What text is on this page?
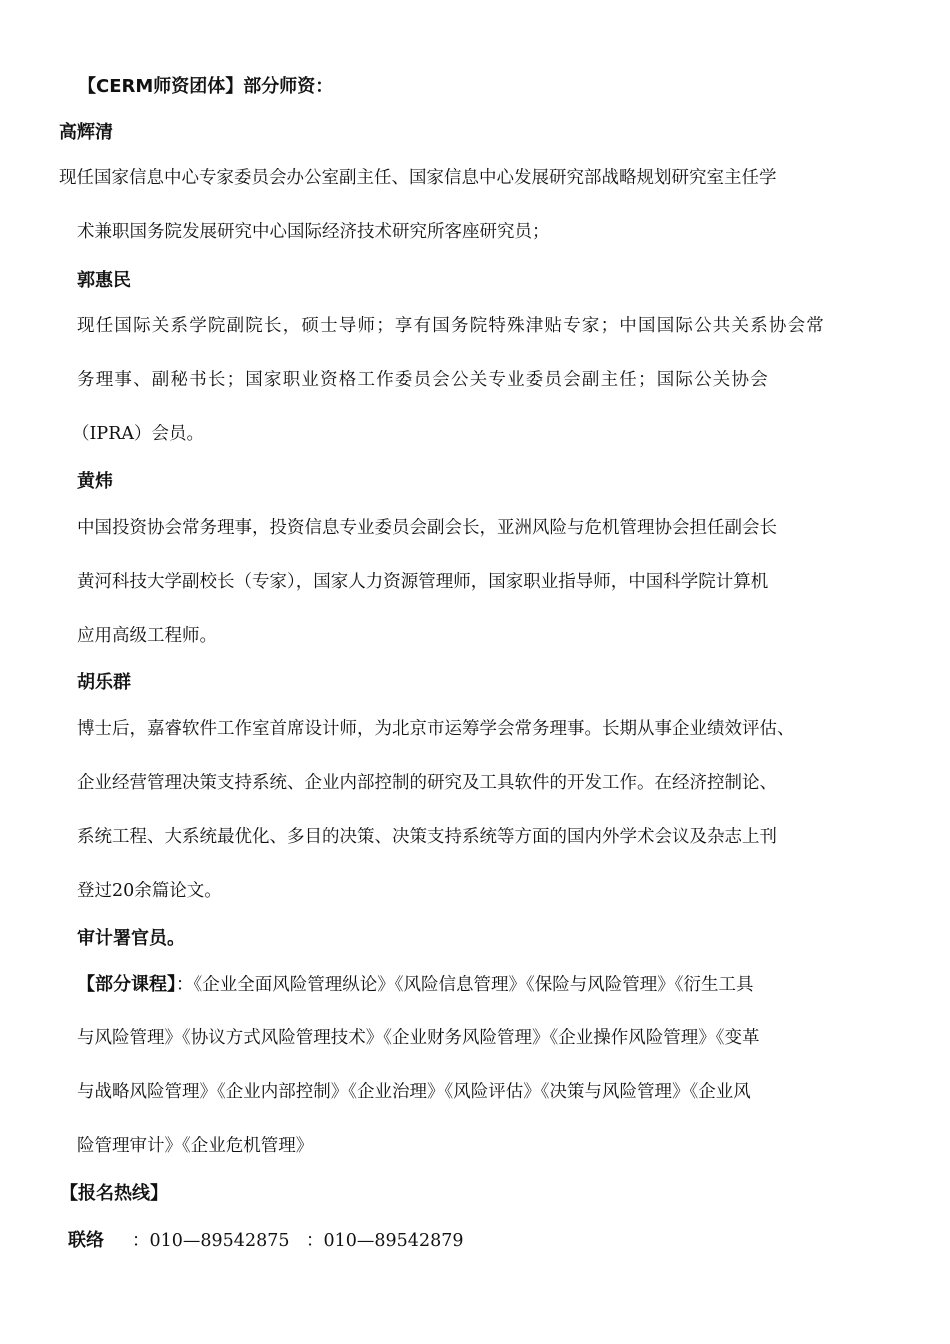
【CERM师资团体】部分师资：
高辉清
现任国家信息中心专家委员会办公室副主任、国家信息中心发展研究部战略规划研究室主任学
术兼职国务院发展研究中心国际经济技术研究所客座研究员；
郭惠民
现任国际关系学院副院长，硕士导师；享有国务院特殊津贴专家；中国国际公共关系协会常
务理事、副秘书长；国家职业资格工作委员会公关专业委员会副主任；国际公关协会
（IPRA）会员。
黄炜
中国投资协会常务理事，投资信息专业委员会副会长，亚洲风险与危机管理协会担任副会长
黄河科技大学副校长（专家），国家人力资源管理师，国家职业指导师，中国科学院计算机
应用高级工程师。
胡乐群
博士后，嘉睿软件工作室首席设计师，为北京市运筹学会常务理事。长期从事企业绩效评估、
企业经营管理决策支持系统、企业内部控制的研究及工具软件的开发工作。在经济控制论、
系统工程、大系统最优化、多目的决策、决策支持系统等方面的国内外学术会议及杂志上刊
登过20余篇论文。
审计署官员。
【部分课程】：《企业全面风险管理纵论》《风险信息管理》《保险与风险管理》《衍生工具
与风险管理》《协议方式风险管理技术》《企业财务风险管理》《企业操作风险管理》《变革
与战略风险管理》《企业内部控制》《企业治理》《风险评估》《决策与风险管理》《企业风
险管理审计》《企业危机管理》
【报名热线】
联络 ：010—89542875 ：010—89542879
